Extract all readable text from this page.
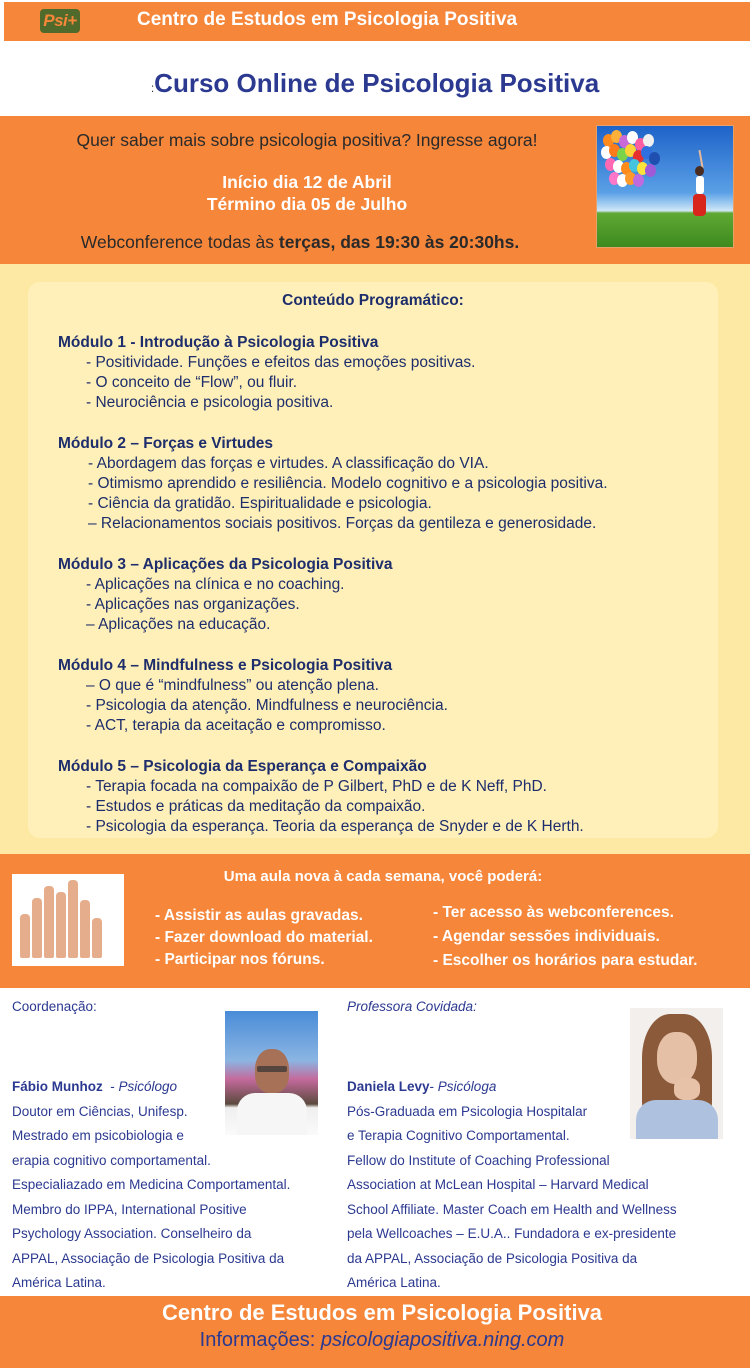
Psi+	Centro de Estudos em Psicologia Positiva
:Curso Online de Psicologia Positiva
Quer saber mais sobre psicologia positiva? Ingresse agora!
Início dia 12 de Abril
Término dia 05 de Julho
Webconference todas às terças, das 19:30 às 20:30hs.
Conteúdo Programático:
Módulo 1 - Introdução à Psicologia Positiva
- Positividade. Funções e efeitos das emoções positivas.
- O conceito de “Flow”, ou fluir.
- Neurociência e psicologia positiva.
Módulo 2 – Forças e Virtudes
- Abordagem das forças e virtudes. A classificação do VIA.
- Otimismo aprendido e resiliência. Modelo cognitivo e a psicologia positiva.
- Ciência da gratidão. Espiritualidade e psicologia.
– Relacionamentos sociais positivos. Forças da gentileza e generosidade.
Módulo 3 – Aplicações da Psicologia Positiva
- Aplicações na clínica e no coaching.
- Aplicações nas organizações.
– Aplicações na educação.
Módulo 4 – Mindfulness e Psicologia Positiva
– O que é “mindfulness” ou atenção plena.
- Psicologia da atenção. Mindfulness e neurociência.
- ACT, terapia da aceitação e compromisso.
Módulo 5 – Psicologia da Esperança e Compaixão
- Terapia focada na compaixão de P Gilbert, PhD e de K Neff, PhD.
- Estudos e práticas da meditação da compaixão.
- Psicologia da esperança. Teoria da esperança de Snyder e de K Herth.
Uma aula nova à cada semana, você poderá:
- Assistir as aulas gravadas.
- Fazer download do material.
- Participar nos fóruns.
- Ter acesso às webconferences.
- Agendar sessões individuais.
- Escolher os horários para estudar.
Coordenação:
Fábio Munhoz  - Psicólogo
Doutor em Ciências, Unifesp.
Mestrado em psicobiologia e
erapia cognitivo comportamental.
Especialiazado em Medicina Comportamental.
Membro do IPPA, International Positive
Psychology Association. Conselheiro da
APPAL, Associação de Psicologia Positiva da
América Latina.
Professora Covidada:
Daniela Levy- Psicóloga
Pós-Graduada em Psicologia Hospitalar
e Terapia Cognitivo Comportamental.
Fellow do Institute of Coaching Professional
Association at McLean Hospital – Harvard Medical
School Affiliate. Master Coach em Health and Wellness
pela Wellcoaches – E.U.A.. Fundadora e ex-presidente
da APPAL, Associação de Psicologia Positiva da
América Latina.
Centro de Estudos em Psicologia Positiva
Informações: psicologiapositiva.ning.com
